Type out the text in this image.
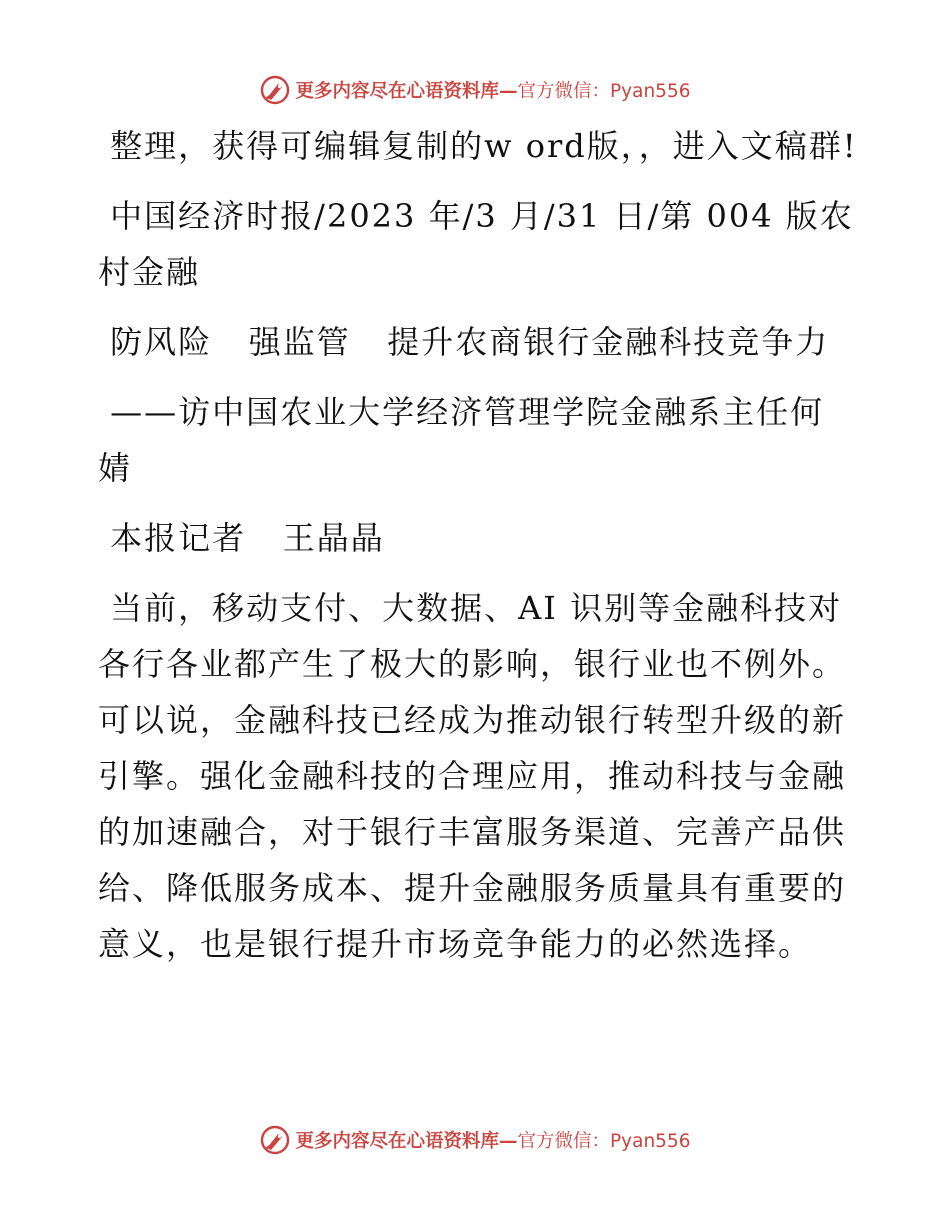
更多内容尽在心语资料库— 官方微信：Pyan556

整理，获得可编辑复制的w ord版，，进入文稿群!

中国经济时报/2023 年/3 月/31 日/第 004 版农村金融

防风险   强监管   提升农商银行金融科技竞争力

——访中国农业大学经济管理学院金融系主任何婧

本报记者   王晶晶

当前，移动支付、大数据、AI 识别等金融科技对各行各业都产生了极大的影响，银行业也不例外。可以说，金融科技已经成为推动银行转型升级的新引擎。强化金融科技的合理应用，推动科技与金融的加速融合，对于银行丰富服务渠道、完善产品供给、降低服务成本、提升金融服务质量具有重要的意义，也是银行提升市场竞争能力的必然选择。

更多内容尽在心语资料库— 官方微信：Pyan556
